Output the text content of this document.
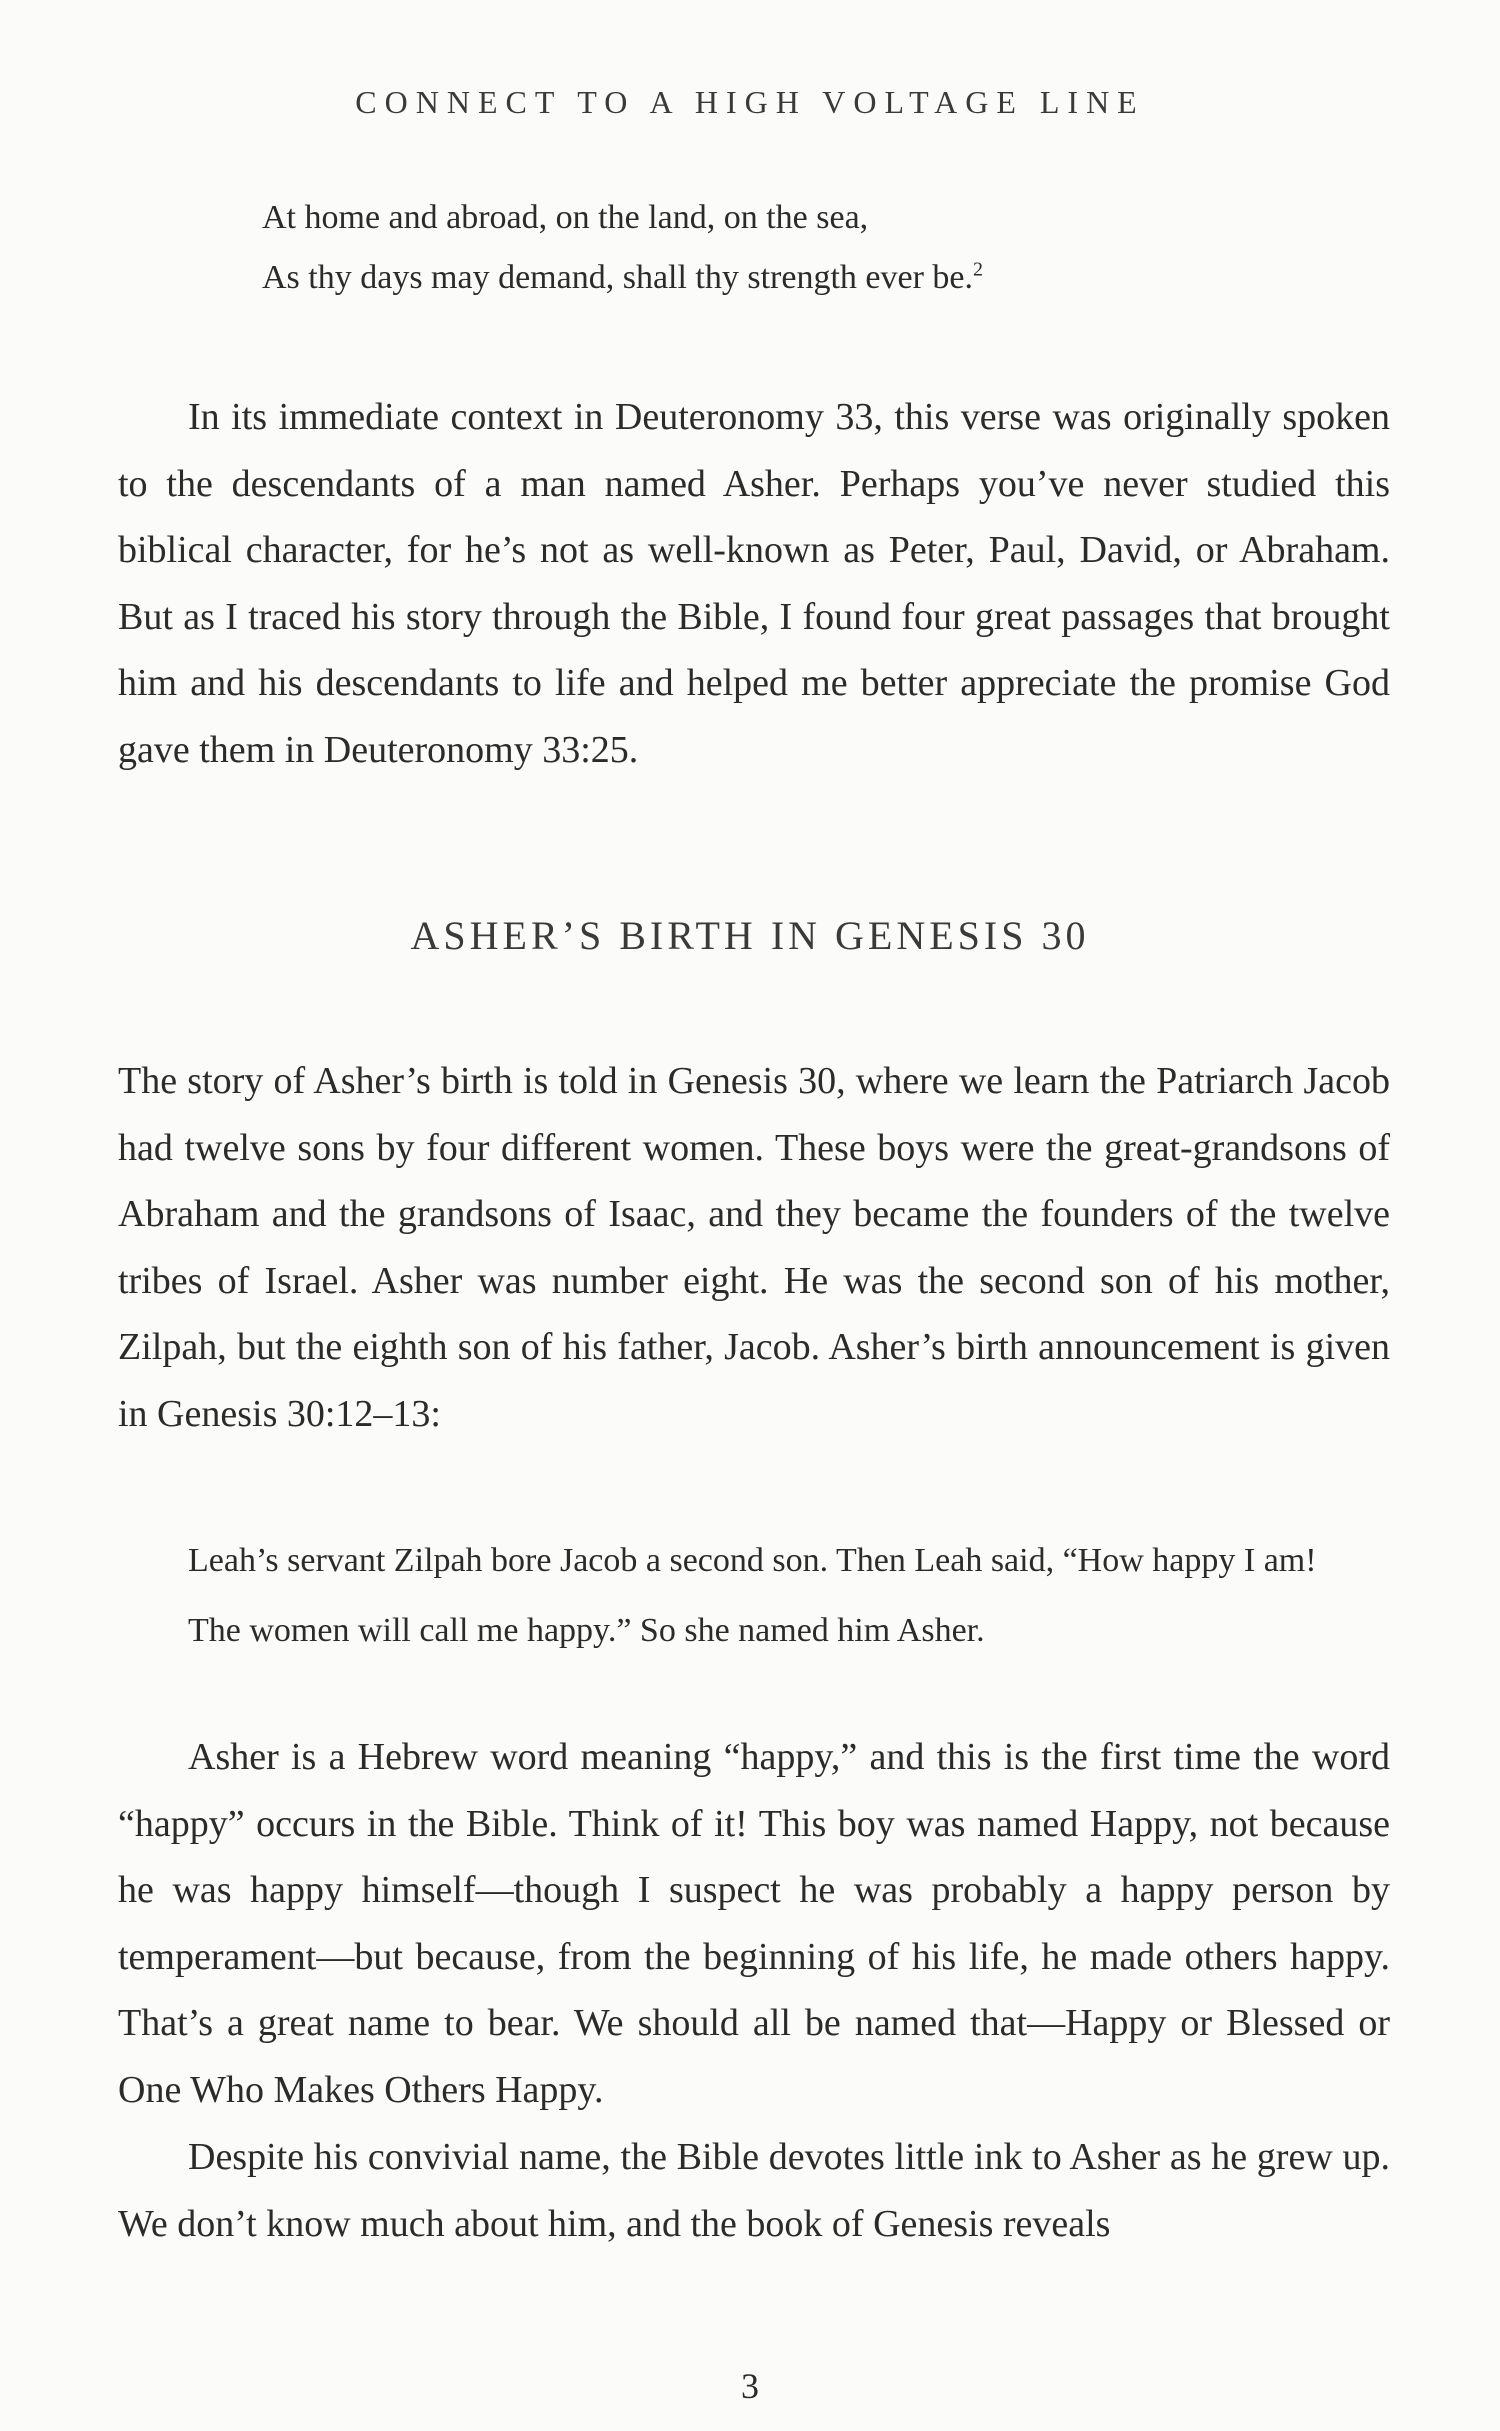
CONNECT TO A HIGH VOLTAGE LINE

At home and abroad, on the land, on the sea,

As thy days may demand, shall thy strength ever be.$^2$

In its immediate context in Deuteronomy 33, this verse was originally spoken to the descendants of a man named Asher. Perhaps you’ve never studied this biblical character, for he’s not as well-known as Peter, Paul, David, or Abraham. But as I traced his story through the Bible, I found four great passages that brought him and his descendants to life and helped me better appreciate the promise God gave them in Deuteronomy 33:25.

ASHER’S BIRTH IN GENESIS 30

The story of Asher’s birth is told in Genesis 30, where we learn the Patriarch Jacob had twelve sons by four different women. These boys were the great-grandsons of Abraham and the grandsons of Isaac, and they became the founders of the twelve tribes of Israel. Asher was number eight. He was the second son of his mother, Zilpah, but the eighth son of his father, Jacob. Asher’s birth announcement is given in Genesis 30:12–13:

Leah’s servant Zilpah bore Jacob a second son. Then Leah said, “How happy I am! The women will call me happy.” So she named him Asher.

Asher is a Hebrew word meaning “happy,” and this is the first time the word “happy” occurs in the Bible. Think of it! This boy was named Happy, not because he was happy himself—though I suspect he was probably a happy person by temperament—but because, from the beginning of his life, he made others happy. That’s a great name to bear. We should all be named that—Happy or Blessed or One Who Makes Others Happy.

Despite his convivial name, the Bible devotes little ink to Asher as he grew up. We don’t know much about him, and the book of Genesis reveals

3
